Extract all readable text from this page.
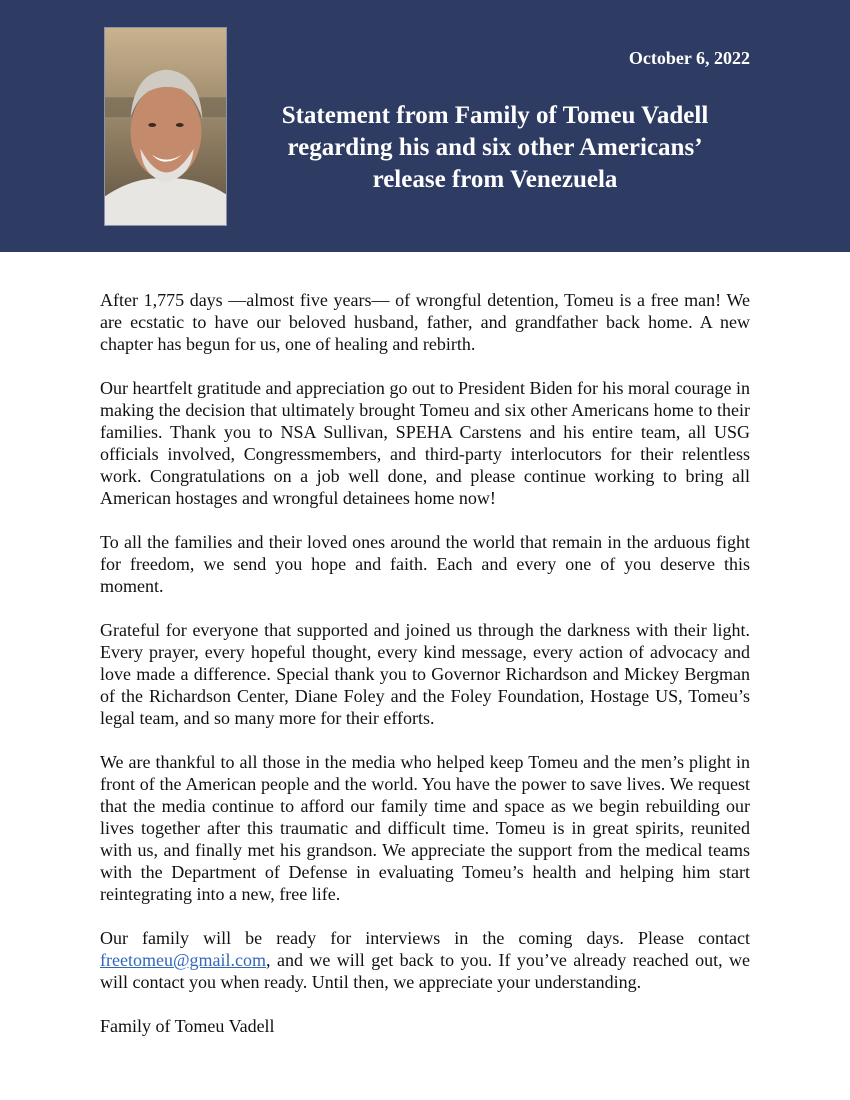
October 6, 2022
Statement from Family of Tomeu Vadell
regarding his and six other Americans’
release from Venezuela

After 1,775 days —almost five years— of wrongful detention, Tomeu is a free man! We are ecstatic to have our beloved husband, father, and grandfather back home. A new chapter has begun for us, one of healing and rebirth.

Our heartfelt gratitude and appreciation go out to President Biden for his moral courage in making the decision that ultimately brought Tomeu and six other Americans home to their families. Thank you to NSA Sullivan, SPEHA Carstens and his entire team, all USG officials involved, Congressmembers, and third-party interlocutors for their relentless work. Congratulations on a job well done, and please continue working to bring all American hostages and wrongful detainees home now!

To all the families and their loved ones around the world that remain in the arduous fight for freedom, we send you hope and faith. Each and every one of you deserve this moment.

Grateful for everyone that supported and joined us through the darkness with their light. Every prayer, every hopeful thought, every kind message, every action of advocacy and love made a difference. Special thank you to Governor Richardson and Mickey Bergman of the Richardson Center, Diane Foley and the Foley Foundation, Hostage US, Tomeu’s legal team, and so many more for their efforts.

We are thankful to all those in the media who helped keep Tomeu and the men’s plight in front of the American people and the world. You have the power to save lives. We request that the media continue to afford our family time and space as we begin rebuilding our lives together after this traumatic and difficult time. Tomeu is in great spirits, reunited with us, and finally met his grandson. We appreciate the support from the medical teams with the Department of Defense in evaluating Tomeu’s health and helping him start reintegrating into a new, free life.

Our family will be ready for interviews in the coming days. Please contact freetomeu@gmail.com, and we will get back to you. If you’ve already reached out, we will contact you when ready. Until then, we appreciate your understanding.

Family of Tomeu Vadell
